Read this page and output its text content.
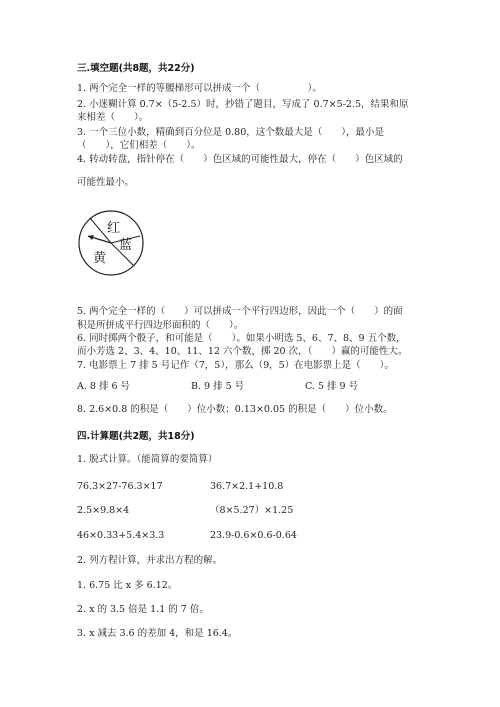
三.填空题(共8题，共22分)
1. 两个完全一样的等腰梯形可以拼成一个（　　　　　）。
2. 小迷糊计算 0.7×（5-2.5）时，抄错了题目，写成了 0.7×5-2.5，结果和原
来相差（　　）。
3. 一个三位小数，精确到百分位是 0.80，这个数最大是（　　），最小是
（　　），它们相差（　　）。
4. 转动转盘，指针停在（　　）色区域的可能性最大，停在（　　）色区域的
可能性最小。
红
蓝
黄
5. 两个完全一样的（　　）可以拼成一个平行四边形，因此一个（　　）的面
积是所拼成平行四边形面积的（　　）。
6. 同时掷两个骰子，和可能是（　　）。如果小明选 5、6、7、8、9 五个数，
而小芳选 2、3、4、10、11、12 六个数，掷 20 次，（　　）赢的可能性大。
7. 电影票上 7 排 5 号记作（7，5），那么（9，5）在电影票上是（　　）。
A. 8 排 6 号	B. 9 排 5 号	C. 5 排 9 号
8. 2.6×0.8 的积是（　　）位小数；0.13×0.05 的积是（　　）位小数。
四.计算题(共2题，共18分)
1. 脱式计算。（能简算的要简算）
76.3×27-76.3×17	36.7×2.1+10.8
2.5×9.8×4	（8×5.27）×1.25
46×0.33+5.4×3.3	23.9-0.6×0.6-0.64
2. 列方程计算，并求出方程的解。
1. 6.75 比 x 多 6.12。
2. x 的 3.5 倍是 1.1 的 7 倍。
3. x 减去 3.6 的差加 4，和是 16.4。
